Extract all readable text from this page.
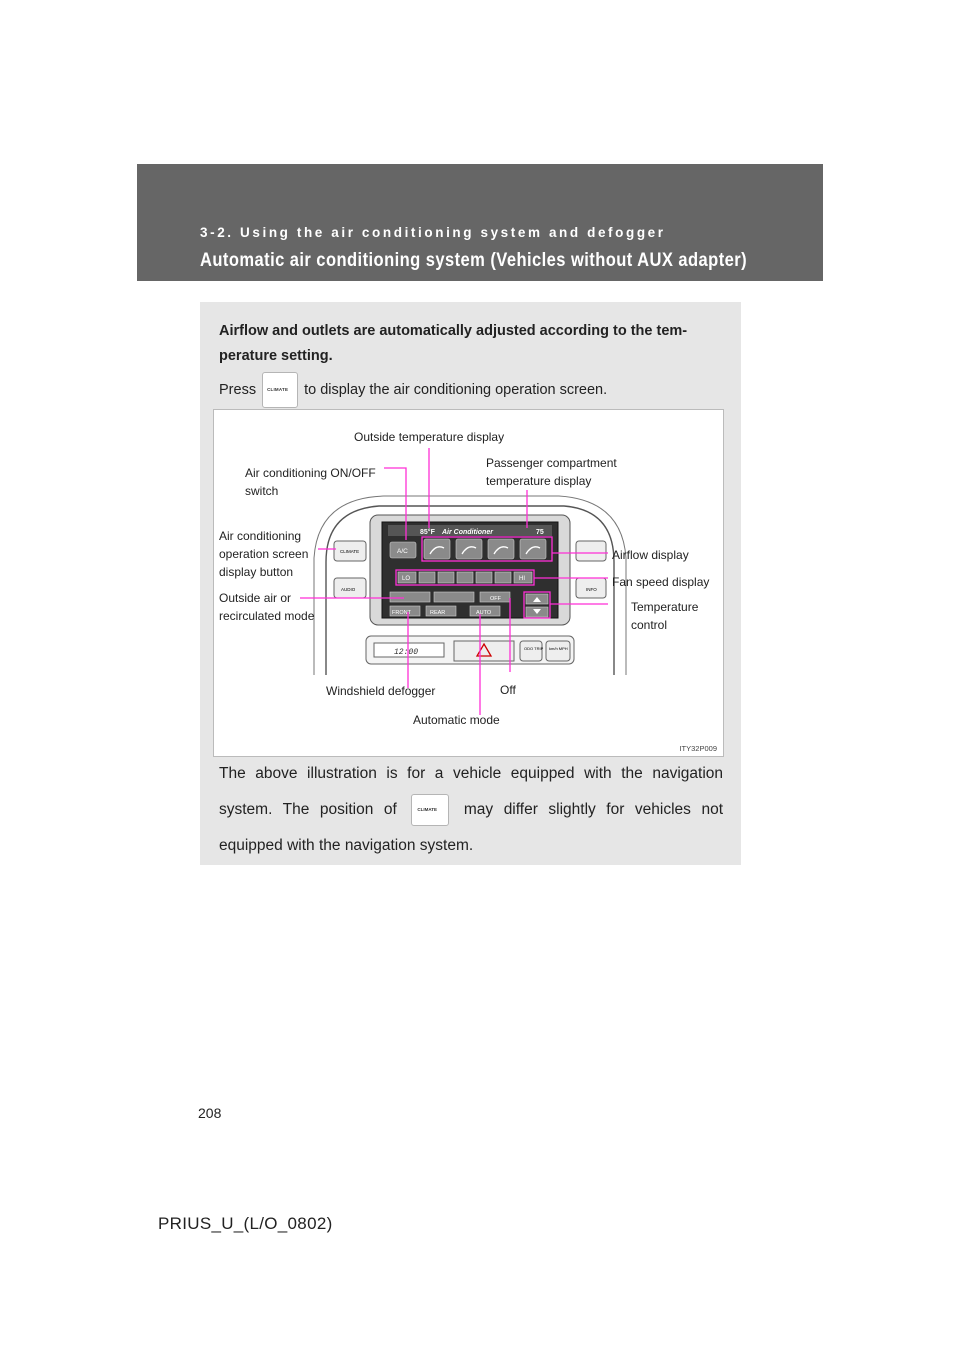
3-2. Using the air conditioning system and defogger
Automatic air conditioning system (Vehicles without AUX adapter)
Airflow and outlets are automatically adjusted according to the tem-perature setting.
Press CLIMATE to display the air conditioning operation screen.
CLIMATE
AUDIO	INFO
85°F Air Conditioner	75
A/C
LO	HI
OFF
FRONT	REAR	AUTO
12:00	ODO TRIP km/h MPH
Outside temperature display
Air conditioning ON/OFF
switch
Passenger compartment
temperature display
Air conditioning
operation screen
display button
Airflow display
Fan speed display
Outside air or
recirculated mode
Temperature
control
Windshield defogger	Off
Automatic mode
ITY32P009
The above illustration is for a vehicle equipped with the navigation system. The position of	CLIMATE may differ slightly for vehicles not equipped with the navigation system.
208
PRIUS_U_(L/O_0802)
